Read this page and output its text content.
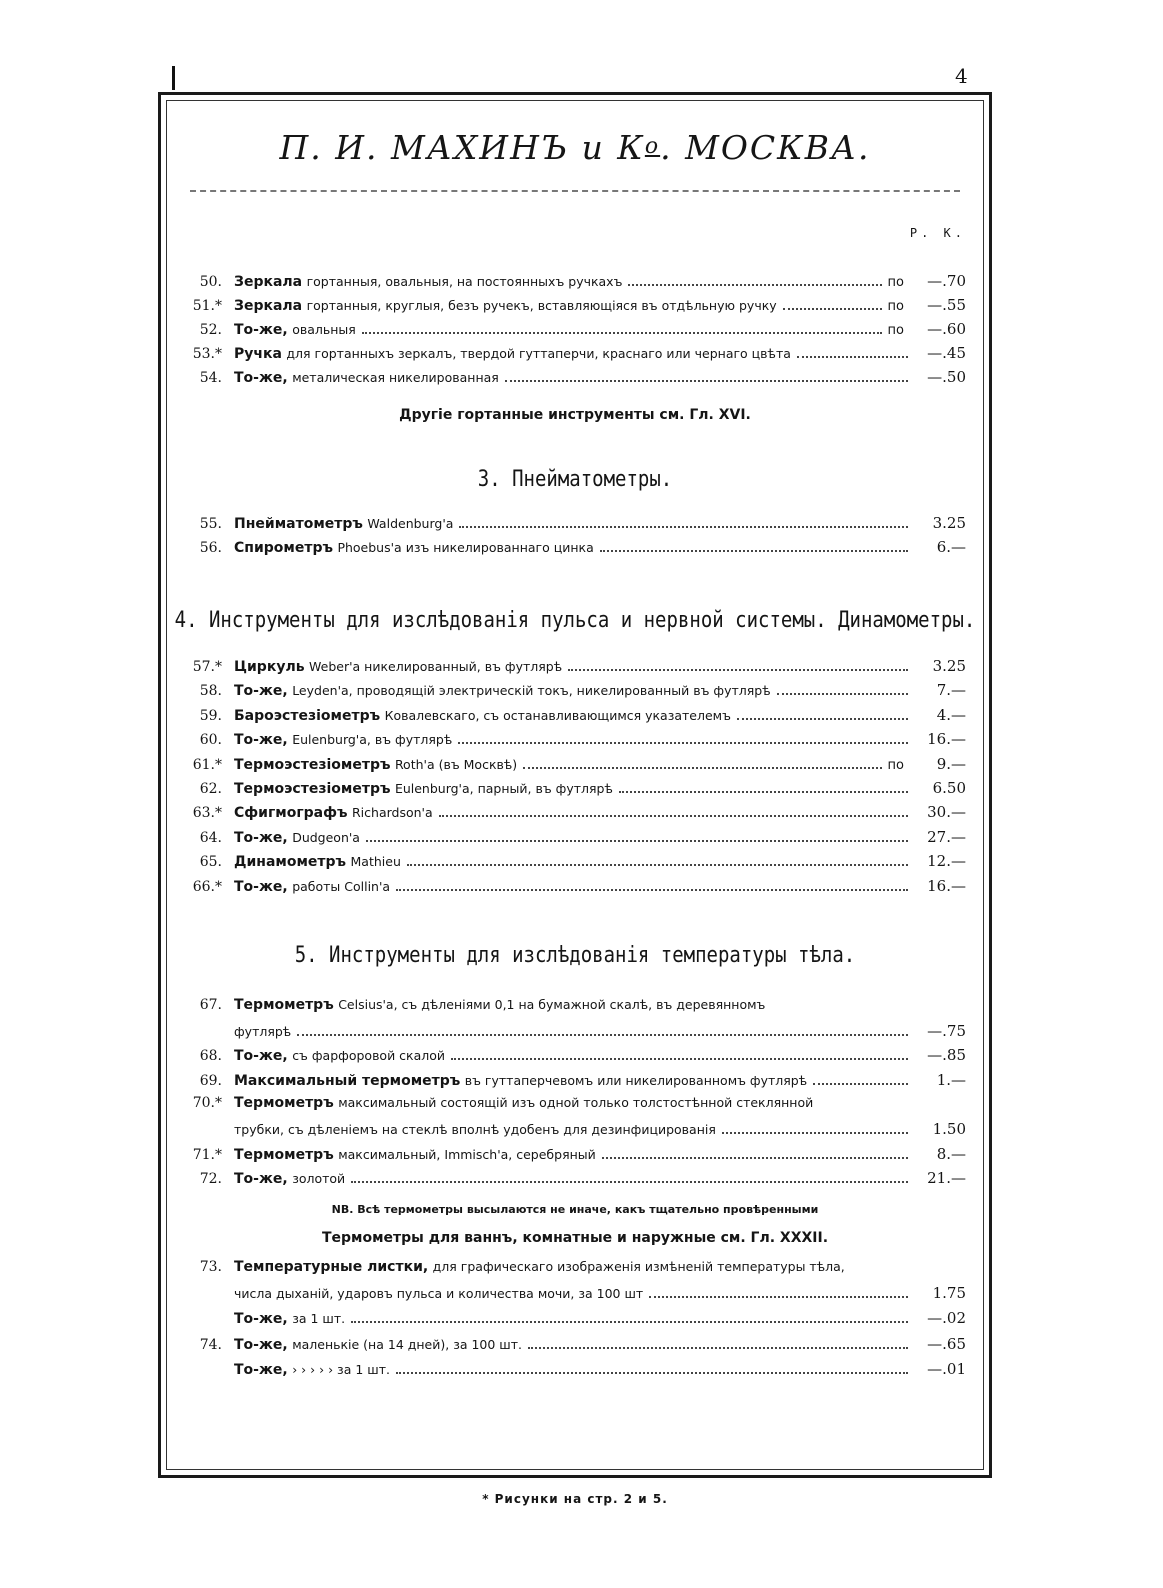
4
П. И. МАХИНЪ и $К^о$. МОСКВА.
Р. К.
50. Зеркала гортанныя, овальныя, на постоянныхъ ручкахъ	по	—.70
51.* Зеркала гортанныя, круглыя, безъ ручекъ, вставляющiяся въ отдѣльную ручку	по	—.55
52. То-же, овальныя	по	—.60
53.* Ручка для гортанныхъ зеркалъ, твердой гуттаперчи, краснаго или чернаго цвѣта	—.45
54. То-же, металическая никелированная	—.50
Другiе гортанные инструменты см. Гл. XVI.
3. Пнейматометры.
55. Пнейматометръ Waldenburg'a	3.25
56. Спирометръ Phoebus'a изъ никелированнаго цинка	6.—
4. Инструменты для изслѣдованiя пульса и нервной системы. Динамометры.
57.* Циркуль Weber'a никелированный, въ футлярѣ	3.25
58. То-же, Leyden'a, проводящiй электрическiй токъ, никелированный въ футлярѣ	7.—
59. Бароэстезiометръ Ковалевскаго, съ останавливающимся указателемъ	4.—
60. То-же, Eulenburg'a, въ футлярѣ	16.—
61.* Термоэстезiометръ Roth'a (въ Москвѣ)	по	9.—
62. Термоэстезiометръ Eulenburg'a, парный, въ футлярѣ	6.50
63.* Сфигмографъ Richardson'a	30.—
64. То-же, Dudgeon'a	27.—
65. Динамометръ Mathieu	12.—
66.* То-же, работы Collin'a	16.—
5. Инструменты для изслѣдованiя температуры тѣла.
67. Термометръ Celsius'a, съ дѣленiями 0,1 на бумажной скалѣ, въ деревянномъ
футлярѣ	—.75
68. То-же, съ фарфоровой скалой	—.85
69. Максимальный термометръ въ гуттаперчевомъ или никелированномъ футлярѣ	1.—
70.* Термометръ максимальный состоящiй изъ одной только толстостѣнной стеклянной
трубки, съ дѣленiемъ на стеклѣ вполнѣ удобенъ для дезинфицированiя	1.50
71.* Термометръ максимальный, Immisch'a, серебряный	8.—
72. То-же, золотой	21.—
NB. Всѣ термометры высылаются не иначе, какъ тщательно провѣренными
Термометры для ваннъ, комнатные и наружные см. Гл. XXXII.
73. Температурные листки, для графическаго изображенiя измѣненiй температуры тѣла,
числа дыханiй, ударовъ пульса и количества мочи, за 100 шт	1.75
То-же, за 1 шт.	—.02
74. То-же, маленькiе (на 14 дней), за 100 шт.	—.65
То-же, › › › › › за 1 шт.	—.01
* Рисунки на стр. 2 и 5.
